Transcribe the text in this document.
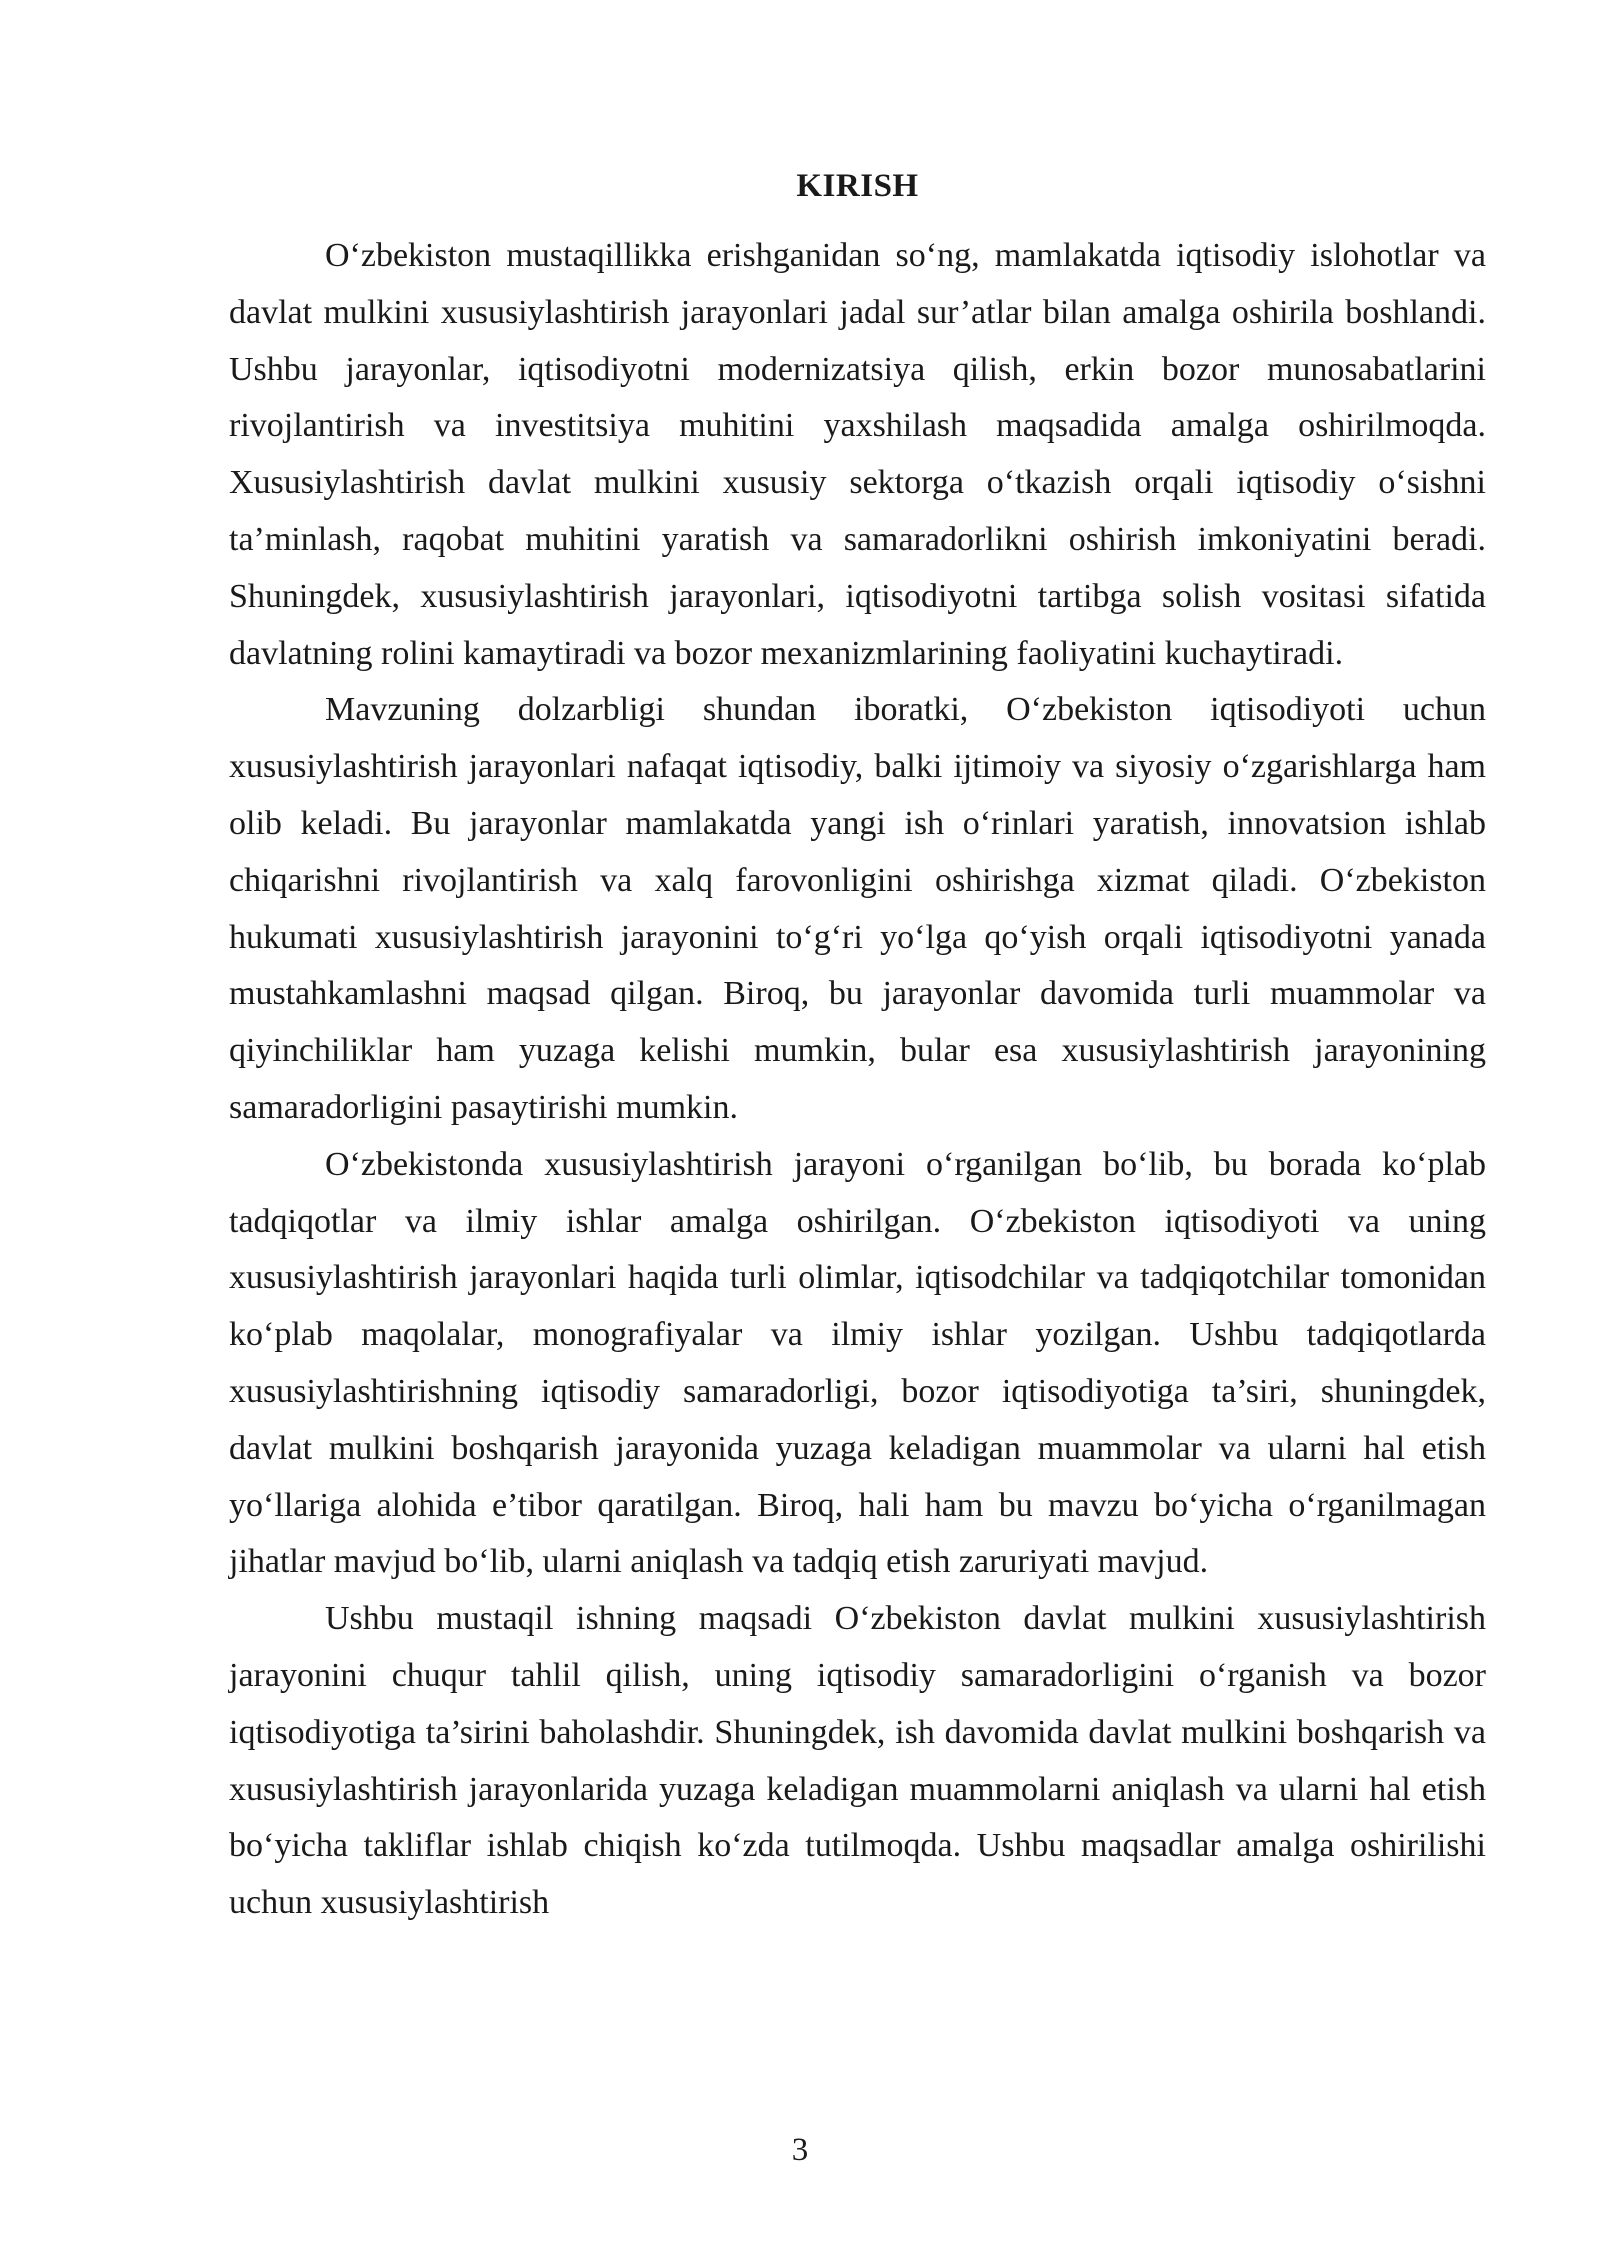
KIRISH

O‘zbekiston mustaqillikka erishganidan so‘ng, mamlakatda iqtisodiy islohotlar va davlat mulkini xususiylashtirish jarayonlari jadal sur’atlar bilan amalga oshirila boshlandi. Ushbu jarayonlar, iqtisodiyotni modernizatsiya qilish, erkin bozor munosabatlarini rivojlantirish va investitsiya muhitini yaxshilash maqsadida amalga oshirilmoqda. Xususiylashtirish davlat mulkini xususiy sektorga o‘tkazish orqali iqtisodiy o‘sishni ta’minlash, raqobat muhitini yaratish va samaradorlikni oshirish imkoniyatini beradi. Shuningdek, xususiylashtirish jarayonlari, iqtisodiyotni tartibga solish vositasi sifatida davlatning rolini kamaytiradi va bozor mexanizmlarining faoliyatini kuchaytiradi.

Mavzuning dolzarbligi shundan iboratki, O‘zbekiston iqtisodiyoti uchun xususiylashtirish jarayonlari nafaqat iqtisodiy, balki ijtimoiy va siyosiy o‘zgarishlarga ham olib keladi. Bu jarayonlar mamlakatda yangi ish o‘rinlari yaratish, innovatsion ishlab chiqarishni rivojlantirish va xalq farovonligini oshirishga xizmat qiladi. O‘zbekiston hukumati xususiylashtirish jarayonini to‘g‘ri yo‘lga qo‘yish orqali iqtisodiyotni yanada mustahkamlashni maqsad qilgan. Biroq, bu jarayonlar davomida turli muammolar va qiyinchiliklar ham yuzaga kelishi mumkin, bular esa xususiylashtirish jarayonining samaradorligini pasaytirishi mumkin.

O‘zbekistonda xususiylashtirish jarayoni o‘rganilgan bo‘lib, bu borada ko‘plab tadqiqotlar va ilmiy ishlar amalga oshirilgan. O‘zbekiston iqtisodiyoti va uning xususiylashtirish jarayonlari haqida turli olimlar, iqtisodchilar va tadqiqotchilar tomonidan ko‘plab maqolalar, monografiyalar va ilmiy ishlar yozilgan. Ushbu tadqiqotlarda xususiylashtirishning iqtisodiy samaradorligi, bozor iqtisodiyotiga ta’siri, shuningdek, davlat mulkini boshqarish jarayonida yuzaga keladigan muammolar va ularni hal etish yo‘llariga alohida e’tibor qaratilgan. Biroq, hali ham bu mavzu bo‘yicha o‘rganilmagan jihatlar mavjud bo‘lib, ularni aniqlash va tadqiq etish zaruriyati mavjud.

Ushbu mustaqil ishning maqsadi O‘zbekiston davlat mulkini xususiylashtirish jarayonini chuqur tahlil qilish, uning iqtisodiy samaradorligini o‘rganish va bozor iqtisodiyotiga ta’sirini baholashdir. Shuningdek, ish davomida davlat mulkini boshqarish va xususiylashtirish jarayonlarida yuzaga keladigan muammolarni aniqlash va ularni hal etish bo‘yicha takliflar ishlab chiqish ko‘zda tutilmoqda. Ushbu maqsadlar amalga oshirilishi uchun xususiylashtirish

3
